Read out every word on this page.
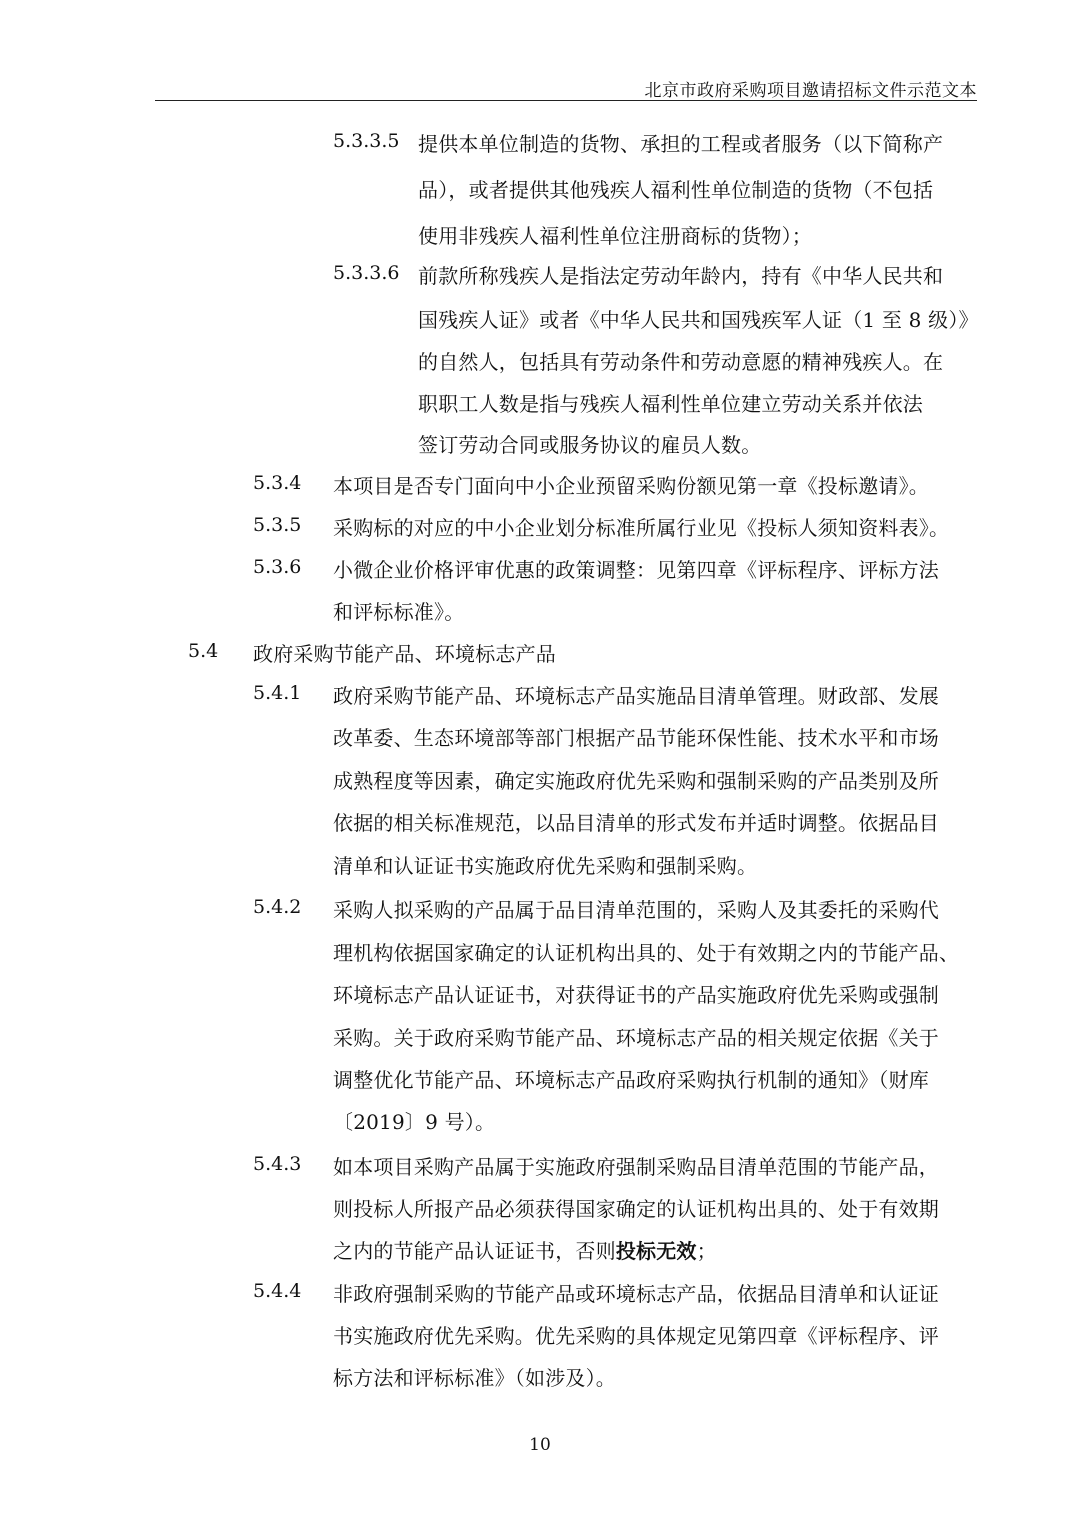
北京市政府采购项目邀请招标文件示范文本
5.3.3.5 提供本单位制造的货物、承担的工程或者服务（以下简称产
品），或者提供其他残疾人福利性单位制造的货物（不包括
使用非残疾人福利性单位注册商标的货物）；
5.3.3.6 前款所称残疾人是指法定劳动年龄内，持有《中华人民共和
国残疾人证》或者《中华人民共和国残疾军人证（1 至 8 级）》
的自然人，包括具有劳动条件和劳动意愿的精神残疾人。在
职职工人数是指与残疾人福利性单位建立劳动关系并依法
签订劳动合同或服务协议的雇员人数。
5.3.4 本项目是否专门面向中小企业预留采购份额见第一章《投标邀请》。
5.3.5 采购标的对应的中小企业划分标准所属行业见《投标人须知资料表》。
5.3.6 小微企业价格评审优惠的政策调整：见第四章《评标程序、评标方法
和评标标准》。
5.4 政府采购节能产品、环境标志产品
5.4.1 政府采购节能产品、环境标志产品实施品目清单管理。财政部、发展
改革委、生态环境部等部门根据产品节能环保性能、技术水平和市场
成熟程度等因素，确定实施政府优先采购和强制采购的产品类别及所
依据的相关标准规范，以品目清单的形式发布并适时调整。依据品目
清单和认证证书实施政府优先采购和强制采购。
5.4.2 采购人拟采购的产品属于品目清单范围的，采购人及其委托的采购代
理机构依据国家确定的认证机构出具的、处于有效期之内的节能产品、
环境标志产品认证证书，对获得证书的产品实施政府优先采购或强制
采购。关于政府采购节能产品、环境标志产品的相关规定依据《关于
调整优化节能产品、环境标志产品政府采购执行机制的通知》（财库
〔2019〕9 号）。
5.4.3 如本项目采购产品属于实施政府强制采购品目清单范围的节能产品，
则投标人所报产品必须获得国家确定的认证机构出具的、处于有效期
之内的节能产品认证证书，否则投标无效；
5.4.4 非政府强制采购的节能产品或环境标志产品，依据品目清单和认证证
书实施政府优先采购。优先采购的具体规定见第四章《评标程序、评
标方法和评标标准》（如涉及）。
10
